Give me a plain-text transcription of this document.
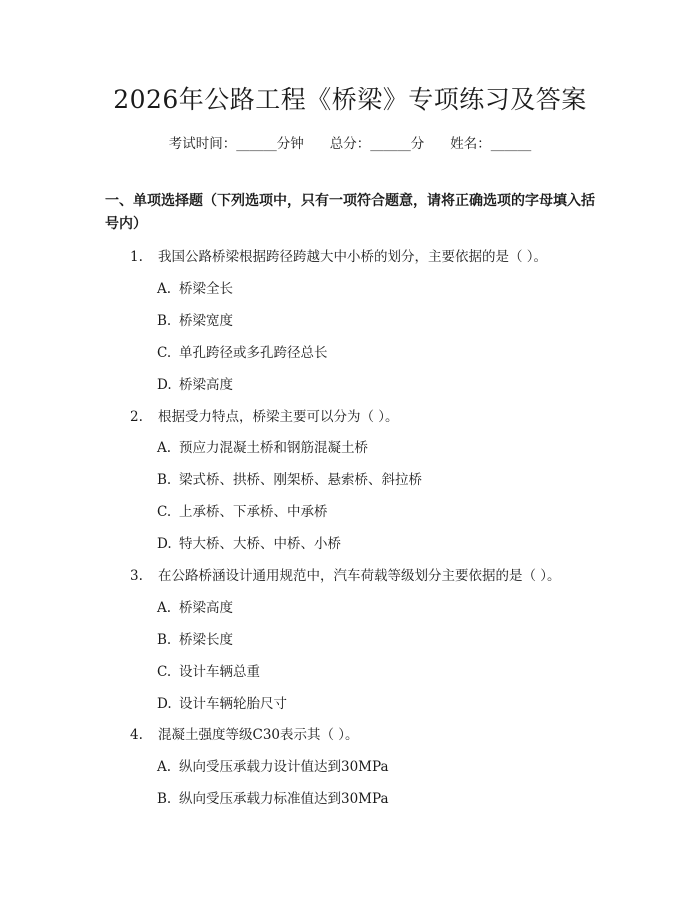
2026年公路工程《桥梁》专项练习及答案
考试时间：______分钟 总分：______分 姓名：______
一、单项选择题（下列选项中，只有一项符合题意，请将正确选项的字母填入括号内）
1. 我国公路桥梁根据跨径跨越大中小桥的划分，主要依据的是（ ）。
A. 桥梁全长
B. 桥梁宽度
C. 单孔跨径或多孔跨径总长
D. 桥梁高度
2. 根据受力特点，桥梁主要可以分为（ ）。
A. 预应力混凝土桥和钢筋混凝土桥
B. 梁式桥、拱桥、刚架桥、悬索桥、斜拉桥
C. 上承桥、下承桥、中承桥
D. 特大桥、大桥、中桥、小桥
3. 在公路桥涵设计通用规范中，汽车荷载等级划分主要依据的是（ ）。
A. 桥梁高度
B. 桥梁长度
C. 设计车辆总重
D. 设计车辆轮胎尺寸
4. 混凝土强度等级C30表示其（ ）。
A. 纵向受压承载力设计值达到30MPa
B. 纵向受压承载力标准值达到30MPa
